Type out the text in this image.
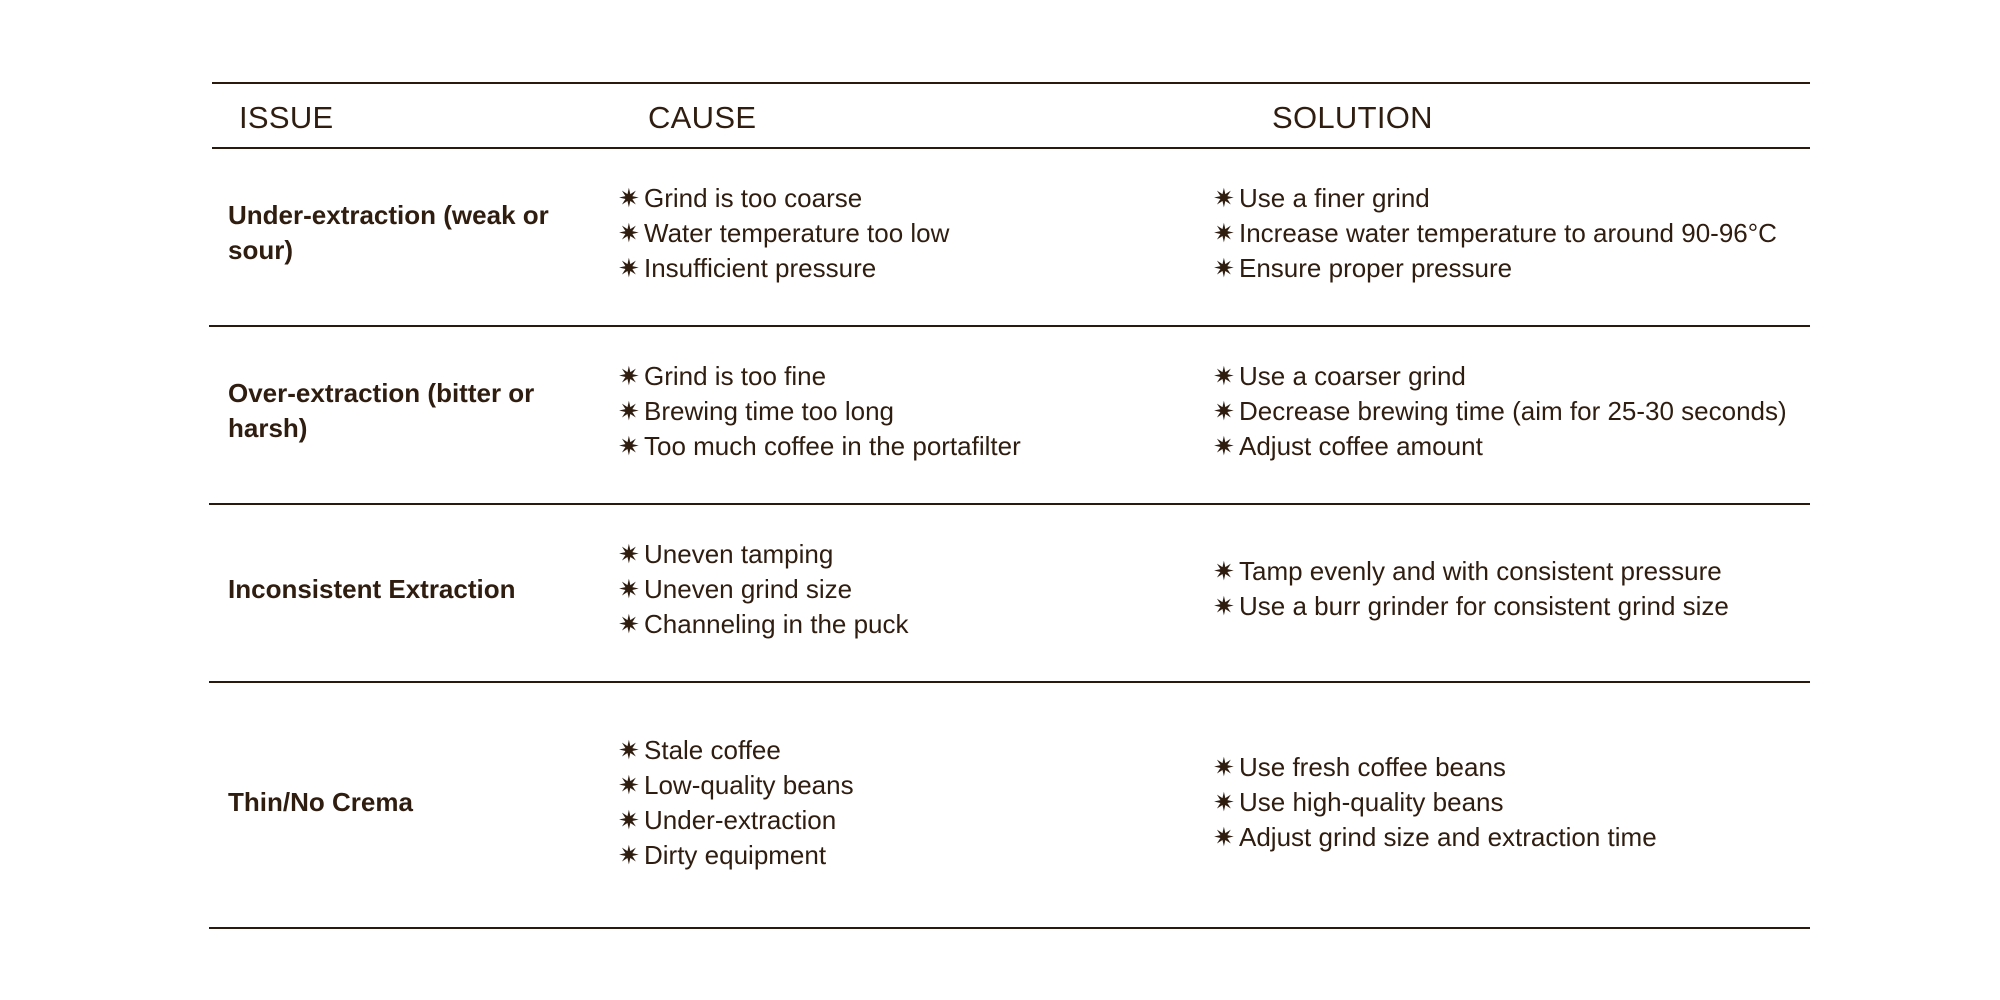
ISSUE	CAUSE	SOLUTION
Under-extraction (weak or sour)
✷ Grind is too coarse
✷ Water temperature too low
✷ Insufficient pressure
✷ Use a finer grind
✷ Increase water temperature to around 90-96°C
✷ Ensure proper pressure
Over-extraction (bitter or harsh)
✷ Grind is too fine
✷ Brewing time too long
✷ Too much coffee in the portafilter
✷ Use a coarser grind
✷ Decrease brewing time (aim for 25-30 seconds)
✷ Adjust coffee amount
Inconsistent Extraction
✷ Uneven tamping
✷ Uneven grind size
✷ Channeling in the puck
✷ Tamp evenly and with consistent pressure
✷ Use a burr grinder for consistent grind size
Thin/No Crema
✷ Stale coffee
✷ Low-quality beans
✷ Under-extraction
✷ Dirty equipment
✷ Use fresh coffee beans
✷ Use high-quality beans
✷ Adjust grind size and extraction time
